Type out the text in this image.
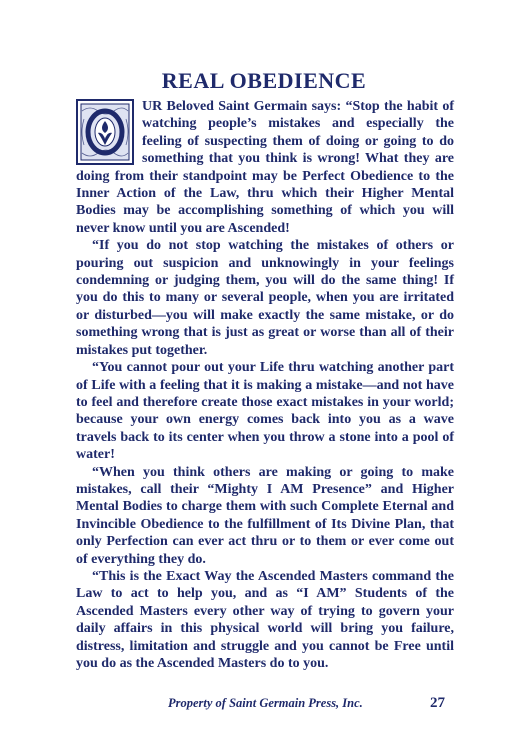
REAL OBEDIENCE

UR Beloved Saint Germain says: “Stop the habit of watching people’s mistakes and especially the feeling of suspecting them of doing or going to do something that you think is wrong! What they are doing from their standpoint may be Perfect Obedience to the Inner Action of the Law, thru which their Higher Mental Bodies may be accomplishing something of which you will never know until you are Ascended!

“If you do not stop watching the mistakes of others or pouring out suspicion and unknowingly in your feelings condemning or judging them, you will do the same thing! If you do this to many or several people, when you are irritated or disturbed—you will make exactly the same mistake, or do something wrong that is just as great or worse than all of their mistakes put together.

“You cannot pour out your Life thru watching another part of Life with a feeling that it is making a mistake—and not have to feel and therefore create those exact mistakes in your world; because your own energy comes back into you as a wave travels back to its center when you throw a stone into a pool of water!

“When you think others are making or going to make mistakes, call their “Mighty I AM Presence” and Higher Mental Bodies to charge them with such Complete Eternal and Invincible Obedience to the fulfillment of Its Divine Plan, that only Perfection can ever act thru or to them or ever come out of everything they do.

“This is the Exact Way the Ascended Masters command the Law to act to help you, and as “I AM” Students of the Ascended Masters every other way of trying to govern your daily affairs in this physical world will bring you failure, distress, limitation and struggle and you cannot be Free until you do as the Ascended Masters do to you.

Property of Saint Germain Press, Inc.	27
